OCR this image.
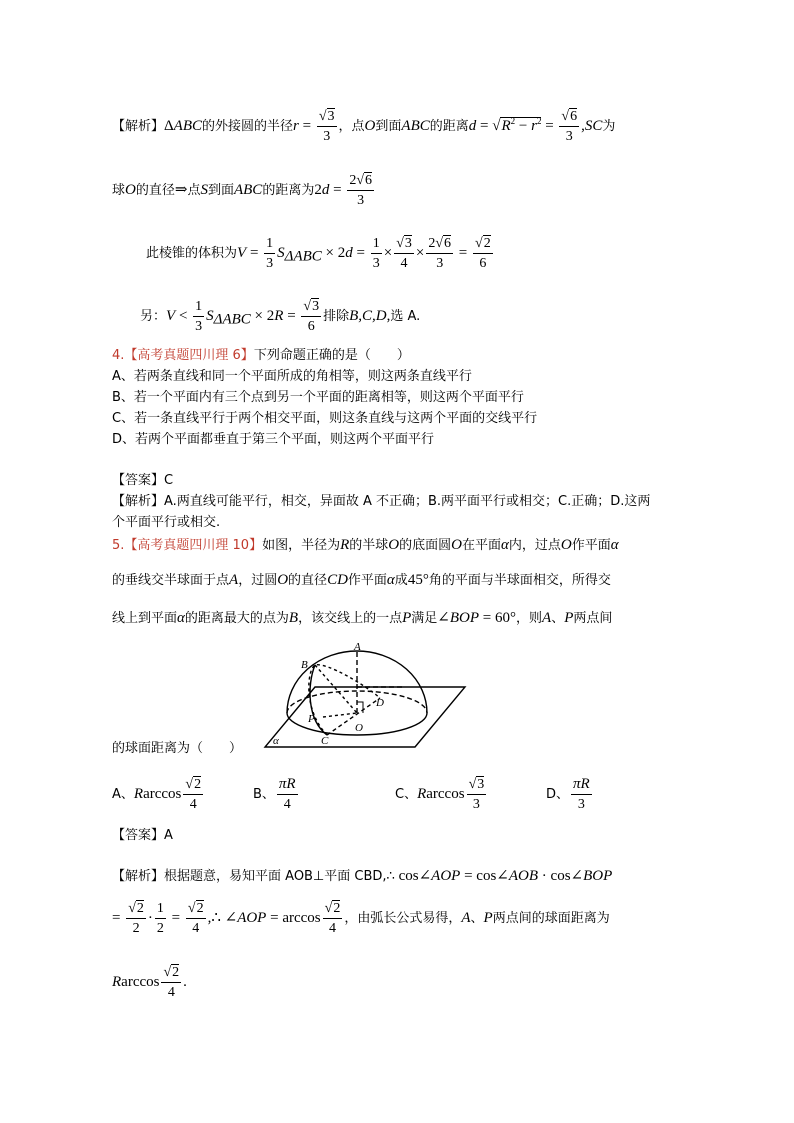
【解析】ΔABC的外接圆的半径$r = \frac{√3}{3}$ ，点O到面ABC的距离$d = √R^2 - r^2 = \frac{√6}{3} ,SC$为
球O的直径⇒点S到面ABC的距离为$2d = \frac{2√6}{3}$
此棱锥的体积为$V = \frac{1}{3} S_{\Delta ABC} \times 2d = \frac{1}{3} \times \frac{√3}{4} \times \frac{2√6}{3} = \frac{√2}{6}$
另：$V < \frac{1}{3} S_{\Delta ABC} \times 2R = \frac{√3}{6}$ 排除B,C,D,选 A.
4.【高考真题四川理 6】下列命题正确的是（　　）
A、若两条直线和同一个平面所成的角相等，则这两条直线平行
B、若一个平面内有三个点到另一个平面的距离相等，则这两个平面平行
C、若一条直线平行于两个相交平面，则这条直线与这两个平面的交线平行
D、若两个平面都垂直于第三个平面，则这两个平面平行
【答案】C
【解析】A.两直线可能平行，相交，异面故 A 不正确；B.两平面平行或相交；C.正确；D.这两
个平面平行或相交.
5.【高考真题四川理 10】如图，半径为R的半球O的底面圆O在平面α内，过点O作平面α
的垂线交半球面于点A，过圆O的直径CD作平面α成45°角的平面与半球面相交，所得交
线上到平面α的距离最大的点为B，该交线上的一点P满足∠BOP = 60°，则A、P两点间
A
B
D
O
P
C
α
的球面距离为（　　）
A、Rarccos $\frac{√2}{4}$	B、 $\frac{\pi R}{4}$	C、Rarccos $\frac{√3}{3}$	D、 $\frac{\pi R}{3}$
【答案】A
【解析】根据题意，易知平面 AOB⊥平面 CBD,∴ cos∠AOP = cos∠AOB · cos∠BOP
= $\frac{√2}{2} \cdot \frac{1}{2} = \frac{√2}{4}$ ,∴ ∠AOP = $\arccos \frac{√2}{4}$ ，由弧长公式易得，A、P两点间的球面距离为
Rarccos $\frac{√2}{4}$ .
